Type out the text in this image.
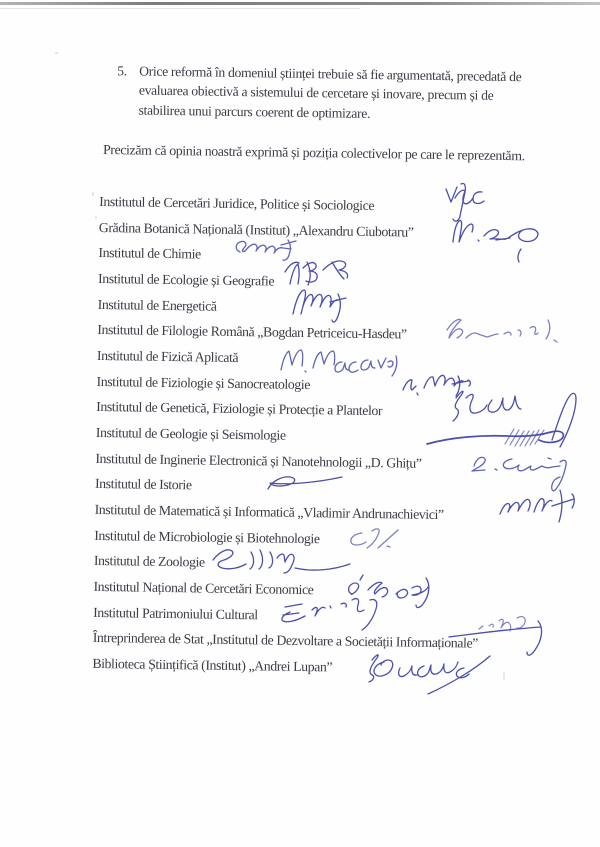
5. Orice reformă în domeniul științei trebuie să fie argumentată, precedată de
evaluarea obiectivă a sistemului de cercetare și inovare, precum și de
stabilirea unui parcurs coerent de optimizare.
Precizăm că opinia noastră exprimă și poziția colectivelor pe care le reprezentăm.
Institutul de Cercetări Juridice, Politice și Sociologice
Grădina Botanică Națională (Institut) „Alexandru Ciubotaru”
Institutul de Chimie
Institutul de Ecologie și Geografie
Institutul de Energetică
Institutul de Filologie Română „Bogdan Petriceicu-Hasdeu”
Institutul de Fizică Aplicată
Institutul de Fiziologie și Sanocreatologie
Institutul de Genetică, Fiziologie și Protecție a Plantelor
Institutul de Geologie și Seismologie
Institutul de Inginerie Electronică și Nanotehnologii „D. Ghițu”
Institutul de Istorie
Institutul de Matematică și Informatică „Vladimir Andrunachievici”
Institutul de Microbiologie și Biotehnologie
Institutul de Zoologie
Institutul Național de Cercetări Economice
Institutul Patrimoniului Cultural
Întreprinderea de Stat „Institutul de Dezvoltare a Societății Informaționale”
Biblioteca Științifică (Institut) „Andrei Lupan”
